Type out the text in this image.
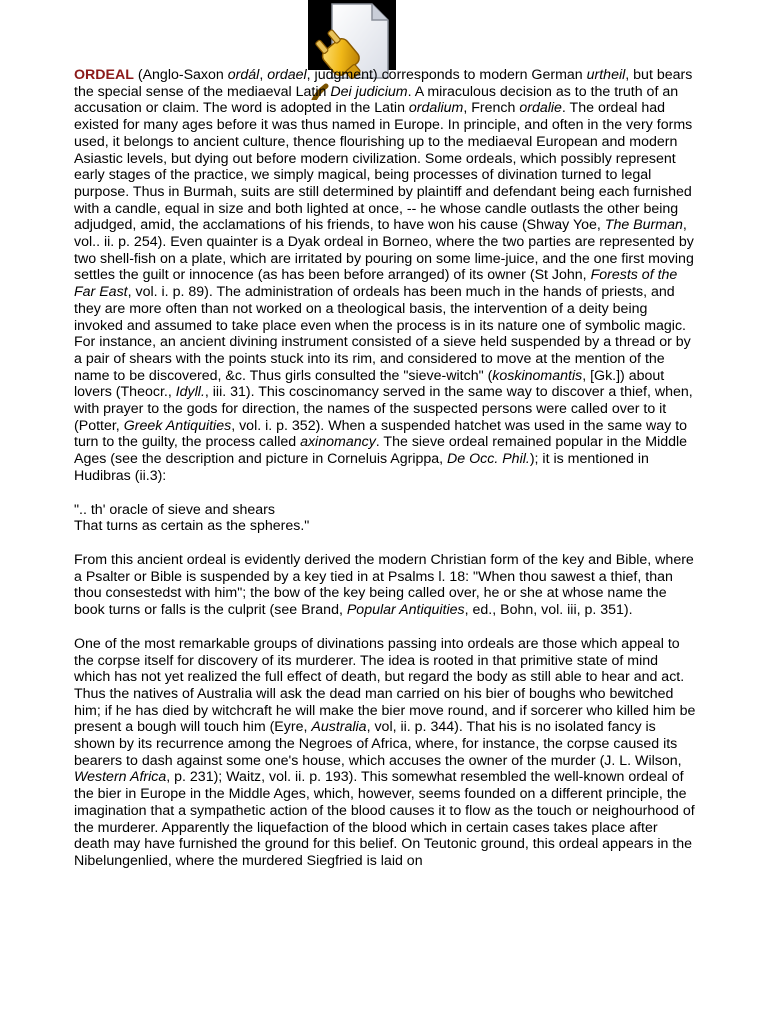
ORDEAL (Anglo-Saxon ordál, ordael, judgment) corresponds to modern German urtheil, but bears the special sense of the mediaeval Latin Dei judicium. A miraculous decision as to the truth of an accusation or claim. The word is adopted in the Latin ordalium, French ordalie. The ordeal had existed for many ages before it was thus named in Europe. In principle, and often in the very forms used, it belongs to ancient culture, thence flourishing up to the mediaeval European and modern Asiastic levels, but dying out before modern civilization. Some ordeals, which possibly represent early stages of the practice, we simply magical, being processes of divination turned to legal purpose. Thus in Burmah, suits are still determined by plaintiff and defendant being each furnished with a candle, equal in size and both lighted at once, -- he whose candle outlasts the other being adjudged, amid, the acclamations of his friends, to have won his cause (Shway Yoe, The Burman, vol.. ii. p. 254). Even quainter is a Dyak ordeal in Borneo, where the two parties are represented by two shell-fish on a plate, which are irritated by pouring on some lime-juice, and the one first moving settles the guilt or innocence (as has been before arranged) of its owner (St John, Forests of the Far East, vol. i. p. 89). The administration of ordeals has been much in the hands of priests, and they are more often than not worked on a theological basis, the intervention of a deity being invoked and assumed to take place even when the process is in its nature one of symbolic magic. For instance, an ancient divining instrument consisted of a sieve held suspended by a thread or by a pair of shears with the points stuck into its rim, and considered to move at the mention of the name to be discovered, &c. Thus girls consulted the "sieve-witch" (koskinomantis, [Gk.]) about lovers (Theocr., Idyll., iii. 31). This coscinomancy served in the same way to discover a thief, when, with prayer to the gods for direction, the names of the suspected persons were called over to it (Potter, Greek Antiquities, vol. i. p. 352). When a suspended hatchet was used in the same way to turn to the guilty, the process called axinomancy. The sieve ordeal remained popular in the Middle Ages (see the description and picture in Corneluis Agrippa, De Occ. Phil.); it is mentioned in Hudibras (ii.3):

".. th' oracle of sieve and shears
That turns as certain as the spheres."

From this ancient ordeal is evidently derived the modern Christian form of the key and Bible, where a Psalter or Bible is suspended by a key tied in at Psalms l. 18: "When thou sawest a thief, than thou consestedst with him"; the bow of the key being called over, he or she at whose name the book turns or falls is the culprit (see Brand, Popular Antiquities, ed., Bohn, vol. iii, p. 351).

One of the most remarkable groups of divinations passing into ordeals are those which appeal to the corpse itself for discovery of its murderer. The idea is rooted in that primitive state of mind which has not yet realized the full effect of death, but regard the body as still able to hear and act. Thus the natives of Australia will ask the dead man carried on his bier of boughs who bewitched him; if he has died by witchcraft he will make the bier move round, and if sorcerer who killed him be present a bough will touch him (Eyre, Australia, vol, ii. p. 344). That his is no isolated fancy is shown by its recurrence among the Negroes of Africa, where, for instance, the corpse caused its bearers to dash against some one's house, which accuses the owner of the murder (J. L. Wilson, Western Africa, p. 231); Waitz, vol. ii. p. 193). This somewhat resembled the well-known ordeal of the bier in Europe in the Middle Ages, which, however, seems founded on a different principle, the imagination that a sympathetic action of the blood causes it to flow as the touch or neighourhood of the murderer. Apparently the liquefaction of the blood which in certain cases takes place after death may have furnished the ground for this belief. On Teutonic ground, this ordeal appears in the Nibelungenlied, where the murdered Siegfried is laid on
